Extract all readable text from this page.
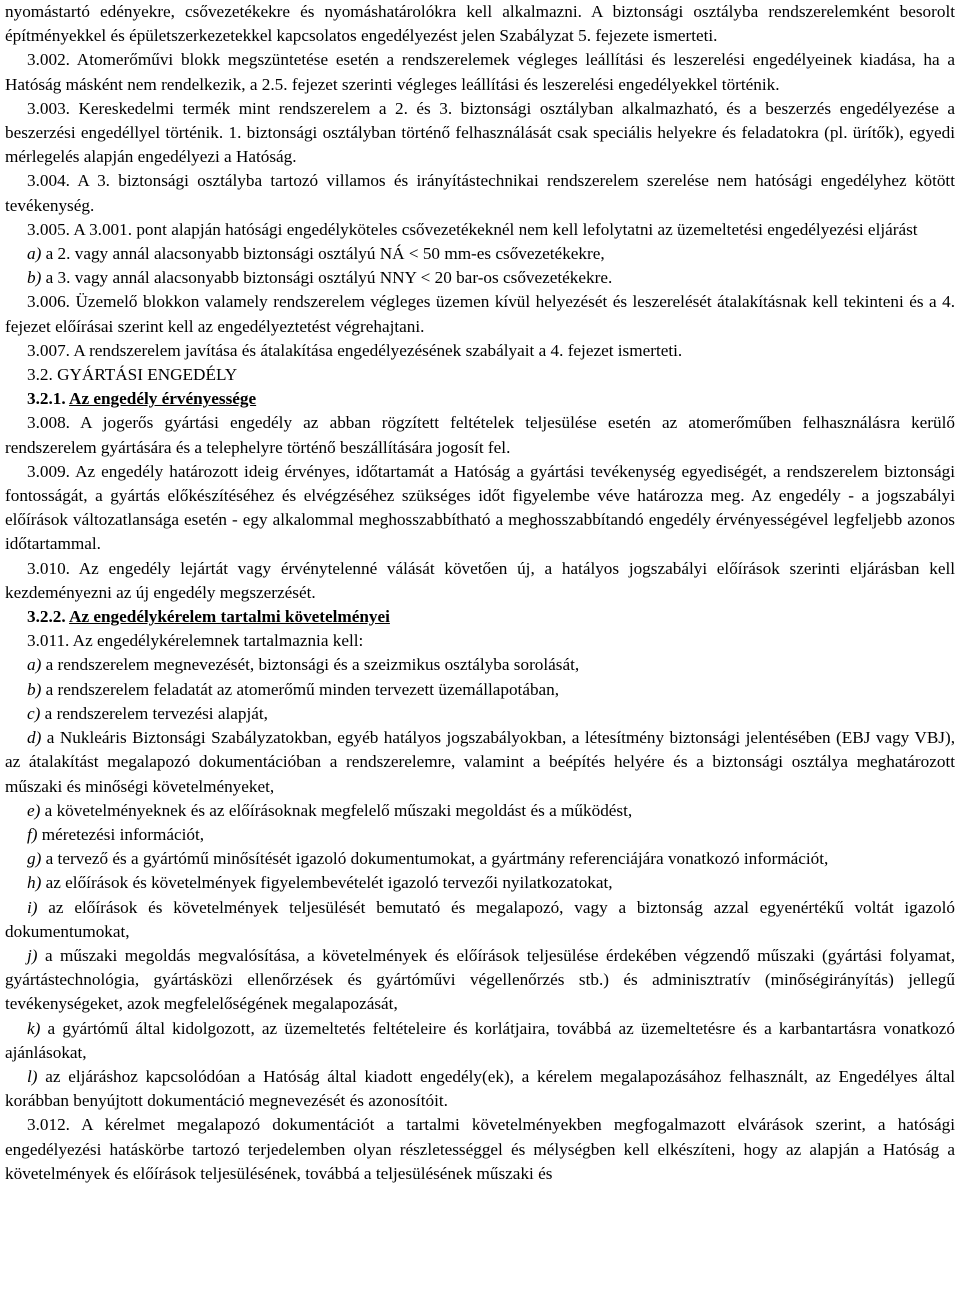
nyomástartó edényekre, csővezetékekre és nyomáshatárolókra kell alkalmazni. A biztonsági osztályba rendszerelemként besorolt építményekkel és épületszerkezetekkel kapcsolatos engedélyezést jelen Szabályzat 5. fejezete ismerteti.

3.002. Atomerőművi blokk megszüntetése esetén a rendszerelemek végleges leállítási és leszerelési engedélyeinek kiadása, ha a Hatóság másként nem rendelkezik, a 2.5. fejezet szerinti végleges leállítási és leszerelési engedélyekkel történik.

3.003. Kereskedelmi termék mint rendszerelem a 2. és 3. biztonsági osztályban alkalmazható, és a beszerzés engedélyezése a beszerzési engedéllyel történik. 1. biztonsági osztályban történő felhasználását csak speciális helyekre és feladatokra (pl. ürítők), egyedi mérlegelés alapján engedélyezi a Hatóság.

3.004. A 3. biztonsági osztályba tartozó villamos és irányítástechnikai rendszerelem szerelése nem hatósági engedélyhez kötött tevékenység.

3.005. A 3.001. pont alapján hatósági engedélyköteles csővezetékeknél nem kell lefolytatni az üzemeltetési engedélyezési eljárást

a) a 2. vagy annál alacsonyabb biztonsági osztályú NÁ < 50 mm-es csővezetékekre,

b) a 3. vagy annál alacsonyabb biztonsági osztályú NNY < 20 bar-os csővezetékekre.

3.006. Üzemelő blokkon valamely rendszerelem végleges üzemen kívül helyezését és leszerelését átalakításnak kell tekinteni és a 4. fejezet előírásai szerint kell az engedélyeztetést végrehajtani.

3.007. A rendszerelem javítása és átalakítása engedélyezésének szabályait a 4. fejezet ismerteti.

3.2. GYÁRTÁSI ENGEDÉLY

3.2.1. Az engedély érvényessége

3.008. A jogerős gyártási engedély az abban rögzített feltételek teljesülése esetén az atomerőműben felhasználásra kerülő rendszerelem gyártására és a telephelyre történő beszállítására jogosít fel.

3.009. Az engedély határozott ideig érvényes, időtartamát a Hatóság a gyártási tevékenység egyediségét, a rendszerelem biztonsági fontosságát, a gyártás előkészítéséhez és elvégzéséhez szükséges időt figyelembe véve határozza meg. Az engedély - a jogszabályi előírások változatlansága esetén - egy alkalommal meghosszabbítható a meghosszabbítandó engedély érvényességével legfeljebb azonos időtartammal.

3.010. Az engedély lejártát vagy érvénytelenné válását követően új, a hatályos jogszabályi előírások szerinti eljárásban kell kezdeményezni az új engedély megszerzését.

3.2.2. Az engedélykérelem tartalmi követelményei

3.011. Az engedélykérelemnek tartalmaznia kell:

a) a rendszerelem megnevezését, biztonsági és a szeizmikus osztályba sorolását,

b) a rendszerelem feladatát az atomerőmű minden tervezett üzemállapotában,

c) a rendszerelem tervezési alapját,

d) a Nukleáris Biztonsági Szabályzatokban, egyéb hatályos jogszabályokban, a létesítmény biztonsági jelentésében (EBJ vagy VBJ), az átalakítást megalapozó dokumentációban a rendszerelemre, valamint a beépítés helyére és a biztonsági osztálya meghatározott műszaki és minőségi követelményeket,

e) a követelményeknek és az előírásoknak megfelelő műszaki megoldást és a működést,

f) méretezési információt,

g) a tervező és a gyártómű minősítését igazoló dokumentumokat, a gyártmány referenciájára vonatkozó információt,

h) az előírások és követelmények figyelembevételét igazoló tervezői nyilatkozatokat,

i) az előírások és követelmények teljesülését bemutató és megalapozó, vagy a biztonság azzal egyenértékű voltát igazoló dokumentumokat,

j) a műszaki megoldás megvalósítása, a követelmények és előírások teljesülése érdekében végzendő műszaki (gyártási folyamat, gyártástechnológia, gyártásközi ellenőrzések és gyártóművi végellenőrzés stb.) és adminisztratív (minőségirányítás) jellegű tevékenységeket, azok megfelelőségének megalapozását,

k) a gyártómű által kidolgozott, az üzemeltetés feltételeire és korlátjaira, továbbá az üzemeltetésre és a karbantartásra vonatkozó ajánlásokat,

l) az eljáráshoz kapcsolódóan a Hatóság által kiadott engedély(ek), a kérelem megalapozásához felhasznált, az Engedélyes által korábban benyújtott dokumentáció megnevezését és azonosítóit.

3.012. A kérelmet megalapozó dokumentációt a tartalmi követelményekben megfogalmazott elvárások szerint, a hatósági engedélyezési hatáskörbe tartozó terjedelemben olyan részletességgel és mélységben kell elkészíteni, hogy az alapján a Hatóság a követelmények és előírások teljesülésének, továbbá a teljesülésének műszaki és
